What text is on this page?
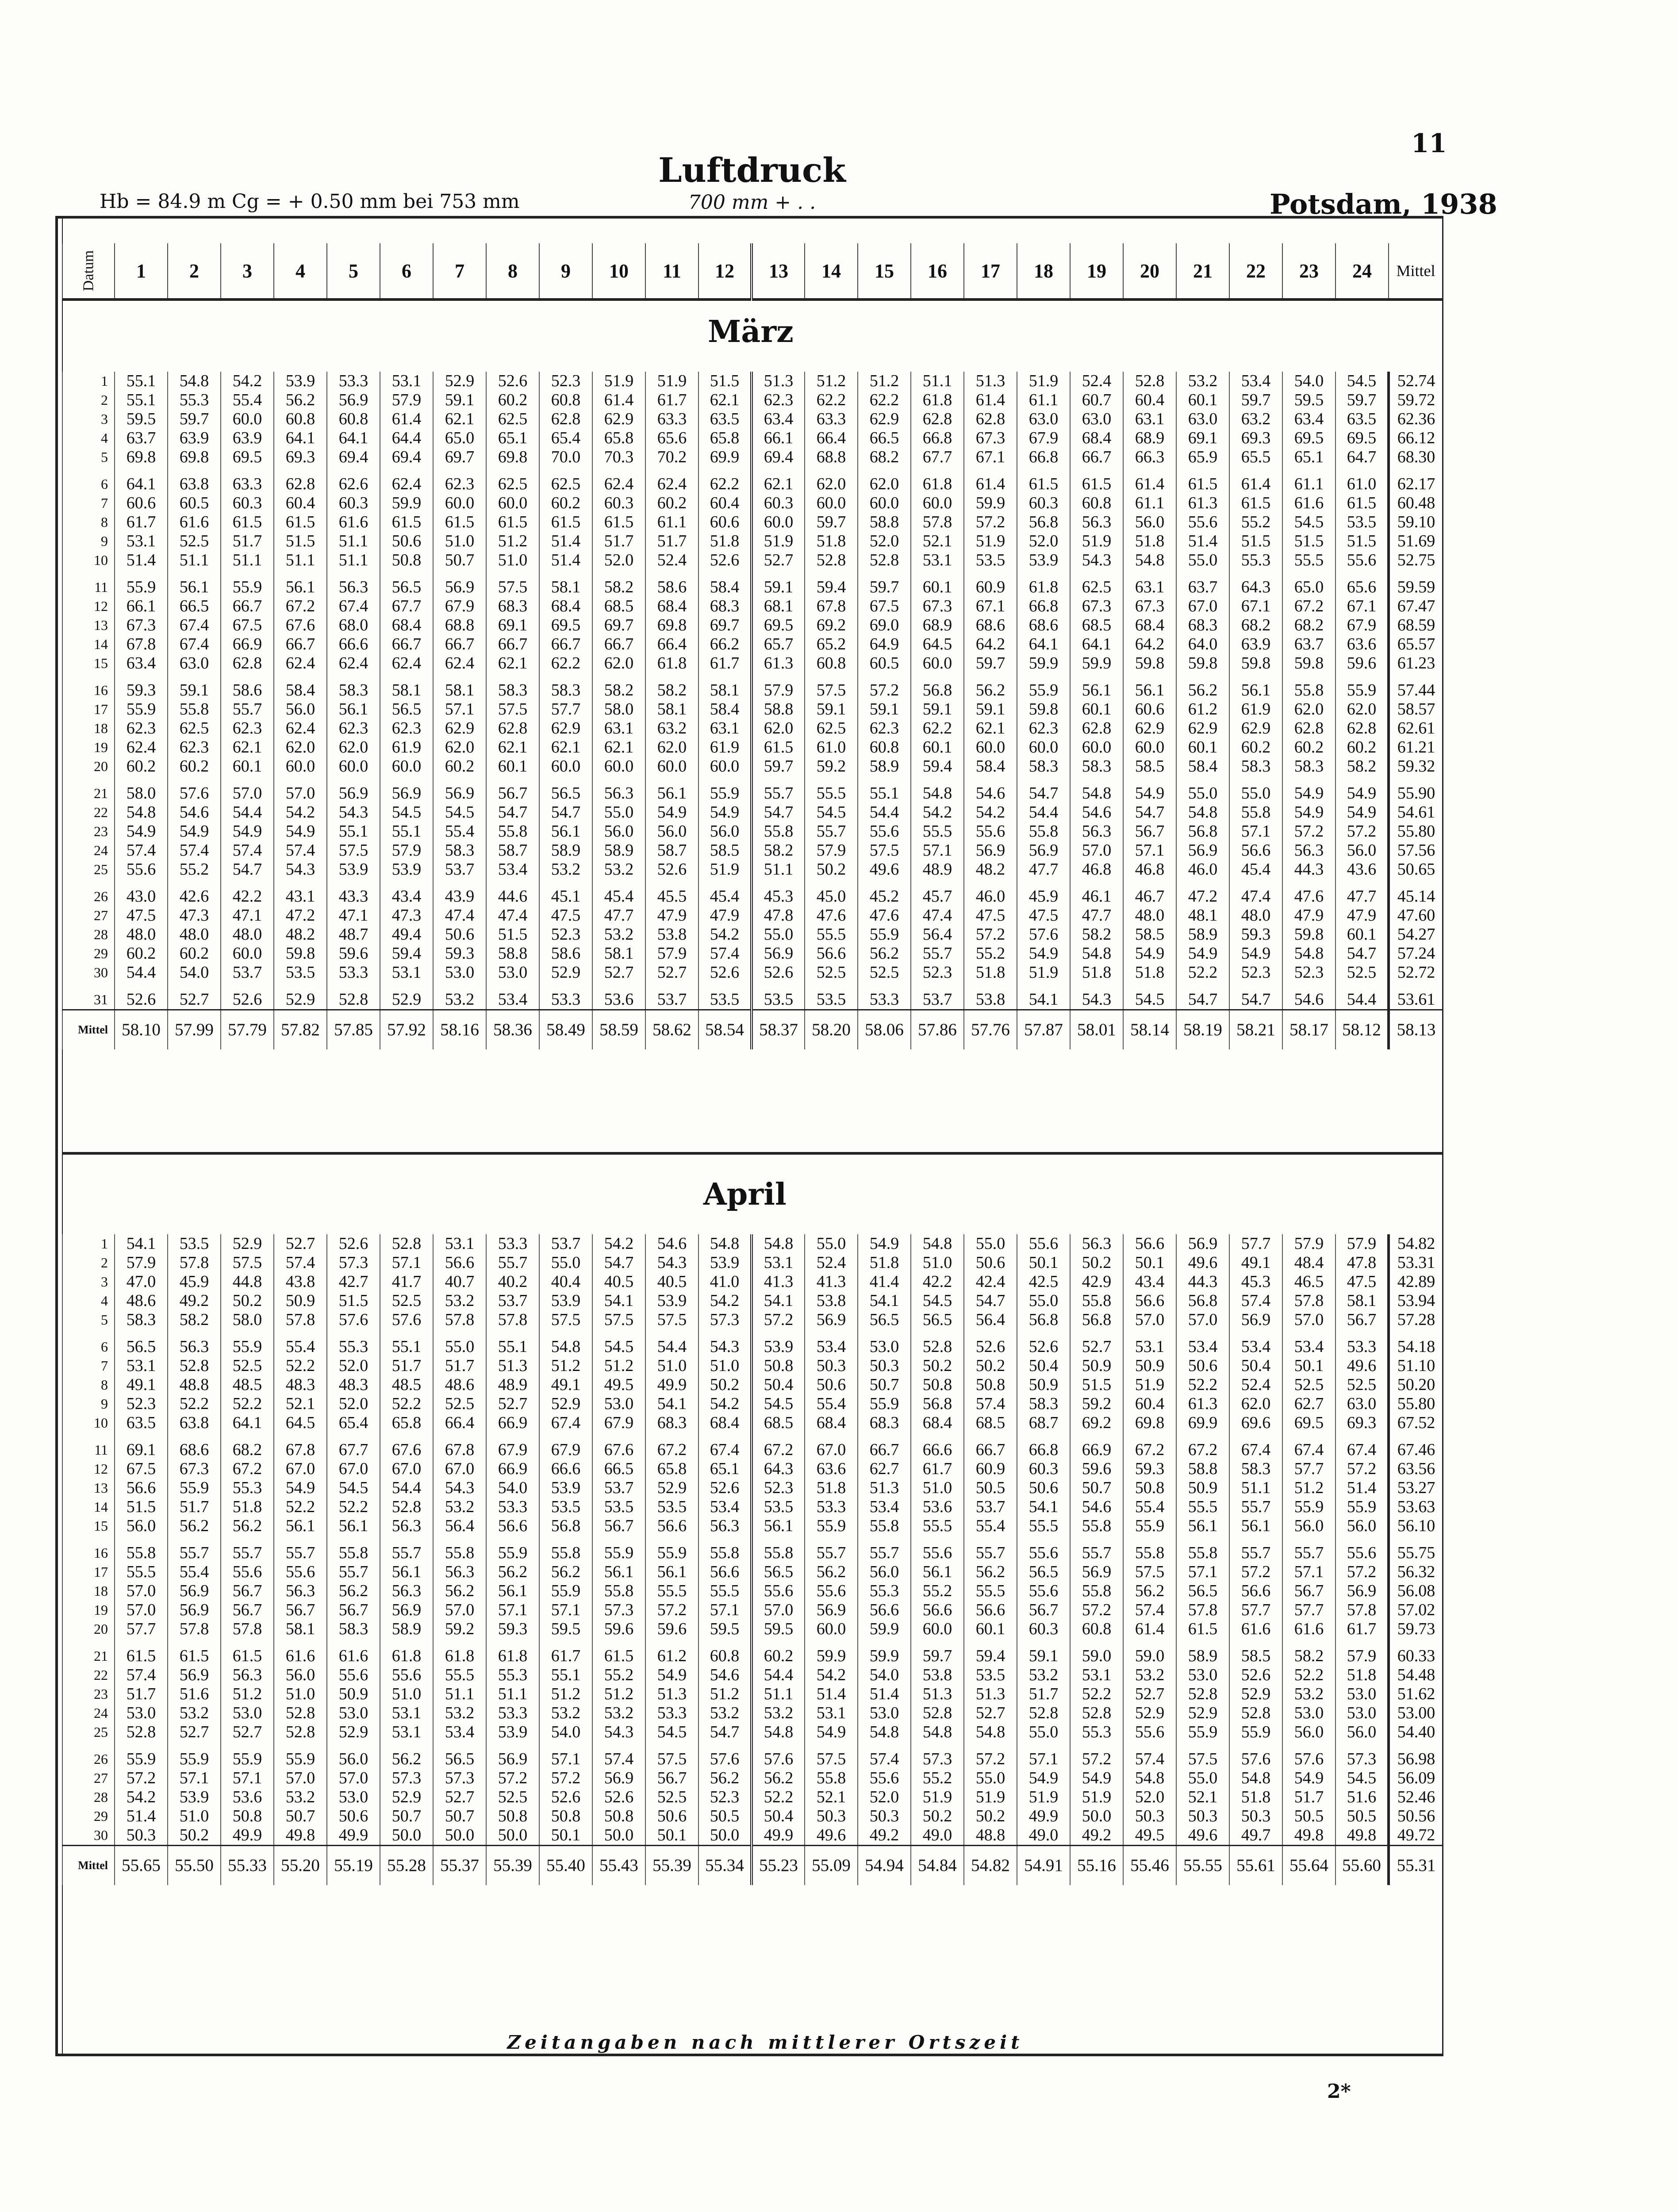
11
Luftdruck
700 mm + . .
Hb = 84.9 m Cg = + 0.50 mm bei 753 mm	Potsdam, 1938
Datum	1	2	3	4	5	6	7	8	9	10	11	12	13	14	15	16	17	18	19	20	21	22	23	24	Mittel
März
1	55.1	54.8	54.2	53.9	53.3	53.1	52.9	52.6	52.3	51.9	51.9	51.5	51.3	51.2	51.2	51.1	51.3	51.9	52.4	52.8	53.2	53.4	54.0	54.5	52.74
2	55.1	55.3	55.4	56.2	56.9	57.9	59.1	60.2	60.8	61.4	61.7	62.1	62.3	62.2	62.2	61.8	61.4	61.1	60.7	60.4	60.1	59.7	59.5	59.7	59.72
3	59.5	59.7	60.0	60.8	60.8	61.4	62.1	62.5	62.8	62.9	63.3	63.5	63.4	63.3	62.9	62.8	62.8	63.0	63.0	63.1	63.0	63.2	63.4	63.5	62.36
4	63.7	63.9	63.9	64.1	64.1	64.4	65.0	65.1	65.4	65.8	65.6	65.8	66.1	66.4	66.5	66.8	67.3	67.9	68.4	68.9	69.1	69.3	69.5	69.5	66.12
5	69.8	69.8	69.5	69.3	69.4	69.4	69.7	69.8	70.0	70.3	70.2	69.9	69.4	68.8	68.2	67.7	67.1	66.8	66.7	66.3	65.9	65.5	65.1	64.7	68.30

6	64.1	63.8	63.3	62.8	62.6	62.4	62.3	62.5	62.5	62.4	62.4	62.2	62.1	62.0	62.0	61.8	61.4	61.5	61.5	61.4	61.5	61.4	61.1	61.0	62.17
7	60.6	60.5	60.3	60.4	60.3	59.9	60.0	60.0	60.2	60.3	60.2	60.4	60.3	60.0	60.0	60.0	59.9	60.3	60.8	61.1	61.3	61.5	61.6	61.5	60.48
8	61.7	61.6	61.5	61.5	61.6	61.5	61.5	61.5	61.5	61.5	61.1	60.6	60.0	59.7	58.8	57.8	57.2	56.8	56.3	56.0	55.6	55.2	54.5	53.5	59.10
9	53.1	52.5	51.7	51.5	51.1	50.6	51.0	51.2	51.4	51.7	51.7	51.8	51.9	51.8	52.0	52.1	51.9	52.0	51.9	51.8	51.4	51.5	51.5	51.5	51.69
10	51.4	51.1	51.1	51.1	51.1	50.8	50.7	51.0	51.4	52.0	52.4	52.6	52.7	52.8	52.8	53.1	53.5	53.9	54.3	54.8	55.0	55.3	55.5	55.6	52.75

11	55.9	56.1	55.9	56.1	56.3	56.5	56.9	57.5	58.1	58.2	58.6	58.4	59.1	59.4	59.7	60.1	60.9	61.8	62.5	63.1	63.7	64.3	65.0	65.6	59.59
12	66.1	66.5	66.7	67.2	67.4	67.7	67.9	68.3	68.4	68.5	68.4	68.3	68.1	67.8	67.5	67.3	67.1	66.8	67.3	67.3	67.0	67.1	67.2	67.1	67.47
13	67.3	67.4	67.5	67.6	68.0	68.4	68.8	69.1	69.5	69.7	69.8	69.7	69.5	69.2	69.0	68.9	68.6	68.6	68.5	68.4	68.3	68.2	68.2	67.9	68.59
14	67.8	67.4	66.9	66.7	66.6	66.7	66.7	66.7	66.7	66.7	66.4	66.2	65.7	65.2	64.9	64.5	64.2	64.1	64.1	64.2	64.0	63.9	63.7	63.6	65.57
15	63.4	63.0	62.8	62.4	62.4	62.4	62.4	62.1	62.2	62.0	61.8	61.7	61.3	60.8	60.5	60.0	59.7	59.9	59.9	59.8	59.8	59.8	59.8	59.6	61.23

16	59.3	59.1	58.6	58.4	58.3	58.1	58.1	58.3	58.3	58.2	58.2	58.1	57.9	57.5	57.2	56.8	56.2	55.9	56.1	56.1	56.2	56.1	55.8	55.9	57.44
17	55.9	55.8	55.7	56.0	56.1	56.5	57.1	57.5	57.7	58.0	58.1	58.4	58.8	59.1	59.1	59.1	59.1	59.8	60.1	60.6	61.2	61.9	62.0	62.0	58.57
18	62.3	62.5	62.3	62.4	62.3	62.3	62.9	62.8	62.9	63.1	63.2	63.1	62.0	62.5	62.3	62.2	62.1	62.3	62.8	62.9	62.9	62.9	62.8	62.8	62.61
19	62.4	62.3	62.1	62.0	62.0	61.9	62.0	62.1	62.1	62.1	62.0	61.9	61.5	61.0	60.8	60.1	60.0	60.0	60.0	60.0	60.1	60.2	60.2	60.2	61.21
20	60.2	60.2	60.1	60.0	60.0	60.0	60.2	60.1	60.0	60.0	60.0	60.0	59.7	59.2	58.9	59.4	58.4	58.3	58.3	58.5	58.4	58.3	58.3	58.2	59.32

21	58.0	57.6	57.0	57.0	56.9	56.9	56.9	56.7	56.5	56.3	56.1	55.9	55.7	55.5	55.1	54.8	54.6	54.7	54.8	54.9	55.0	55.0	54.9	54.9	55.90
22	54.8	54.6	54.4	54.2	54.3	54.5	54.5	54.7	54.7	55.0	54.9	54.9	54.7	54.5	54.4	54.2	54.2	54.4	54.6	54.7	54.8	55.8	54.9	54.9	54.61
23	54.9	54.9	54.9	54.9	55.1	55.1	55.4	55.8	56.1	56.0	56.0	56.0	55.8	55.7	55.6	55.5	55.6	55.8	56.3	56.7	56.8	57.1	57.2	57.2	55.80
24	57.4	57.4	57.4	57.4	57.5	57.9	58.3	58.7	58.9	58.9	58.7	58.5	58.2	57.9	57.5	57.1	56.9	56.9	57.0	57.1	56.9	56.6	56.3	56.0	57.56
25	55.6	55.2	54.7	54.3	53.9	53.9	53.7	53.4	53.2	53.2	52.6	51.9	51.1	50.2	49.6	48.9	48.2	47.7	46.8	46.8	46.0	45.4	44.3	43.6	50.65

26	43.0	42.6	42.2	43.1	43.3	43.4	43.9	44.6	45.1	45.4	45.5	45.4	45.3	45.0	45.2	45.7	46.0	45.9	46.1	46.7	47.2	47.4	47.6	47.7	45.14
27	47.5	47.3	47.1	47.2	47.1	47.3	47.4	47.4	47.5	47.7	47.9	47.9	47.8	47.6	47.6	47.4	47.5	47.5	47.7	48.0	48.1	48.0	47.9	47.9	47.60
28	48.0	48.0	48.0	48.2	48.7	49.4	50.6	51.5	52.3	53.2	53.8	54.2	55.0	55.5	55.9	56.4	57.2	57.6	58.2	58.5	58.9	59.3	59.8	60.1	54.27
29	60.2	60.2	60.0	59.8	59.6	59.4	59.3	58.8	58.6	58.1	57.9	57.4	56.9	56.6	56.2	55.7	55.2	54.9	54.8	54.9	54.9	54.9	54.8	54.7	57.24
30	54.4	54.0	53.7	53.5	53.3	53.1	53.0	53.0	52.9	52.7	52.7	52.6	52.6	52.5	52.5	52.3	51.8	51.9	51.8	51.8	52.2	52.3	52.3	52.5	52.72

31	52.6	52.7	52.6	52.9	52.8	52.9	53.2	53.4	53.3	53.6	53.7	53.5	53.5	53.5	53.3	53.7	53.8	54.1	54.3	54.5	54.7	54.7	54.6	54.4	53.61
Mittel	58.10	57.99	57.79	57.82	57.85	57.92	58.16	58.36	58.49	58.59	58.62	58.54	58.37	58.20	58.06	57.86	57.76	57.87	58.01	58.14	58.19	58.21	58.17	58.12	58.13
April
1	54.1	53.5	52.9	52.7	52.6	52.8	53.1	53.3	53.7	54.2	54.6	54.8	54.8	55.0	54.9	54.8	55.0	55.6	56.3	56.6	56.9	57.7	57.9	57.9	54.82
2	57.9	57.8	57.5	57.4	57.3	57.1	56.6	55.7	55.0	54.7	54.3	53.9	53.1	52.4	51.8	51.0	50.6	50.1	50.2	50.1	49.6	49.1	48.4	47.8	53.31
3	47.0	45.9	44.8	43.8	42.7	41.7	40.7	40.2	40.4	40.5	40.5	41.0	41.3	41.3	41.4	42.2	42.4	42.5	42.9	43.4	44.3	45.3	46.5	47.5	42.89
4	48.6	49.2	50.2	50.9	51.5	52.5	53.2	53.7	53.9	54.1	53.9	54.2	54.1	53.8	54.1	54.5	54.7	55.0	55.8	56.6	56.8	57.4	57.8	58.1	53.94
5	58.3	58.2	58.0	57.8	57.6	57.6	57.8	57.8	57.5	57.5	57.5	57.3	57.2	56.9	56.5	56.5	56.4	56.8	56.8	57.0	57.0	56.9	57.0	56.7	57.28

6	56.5	56.3	55.9	55.4	55.3	55.1	55.0	55.1	54.8	54.5	54.4	54.3	53.9	53.4	53.0	52.8	52.6	52.6	52.7	53.1	53.4	53.4	53.4	53.3	54.18
7	53.1	52.8	52.5	52.2	52.0	51.7	51.7	51.3	51.2	51.2	51.0	51.0	50.8	50.3	50.3	50.2	50.2	50.4	50.9	50.9	50.6	50.4	50.1	49.6	51.10
8	49.1	48.8	48.5	48.3	48.3	48.5	48.6	48.9	49.1	49.5	49.9	50.2	50.4	50.6	50.7	50.8	50.8	50.9	51.5	51.9	52.2	52.4	52.5	52.5	50.20
9	52.3	52.2	52.2	52.1	52.0	52.2	52.5	52.7	52.9	53.0	54.1	54.2	54.5	55.4	55.9	56.8	57.4	58.3	59.2	60.4	61.3	62.0	62.7	63.0	55.80
10	63.5	63.8	64.1	64.5	65.4	65.8	66.4	66.9	67.4	67.9	68.3	68.4	68.5	68.4	68.3	68.4	68.5	68.7	69.2	69.8	69.9	69.6	69.5	69.3	67.52

11	69.1	68.6	68.2	67.8	67.7	67.6	67.8	67.9	67.9	67.6	67.2	67.4	67.2	67.0	66.7	66.6	66.7	66.8	66.9	67.2	67.2	67.4	67.4	67.4	67.46
12	67.5	67.3	67.2	67.0	67.0	67.0	67.0	66.9	66.6	66.5	65.8	65.1	64.3	63.6	62.7	61.7	60.9	60.3	59.6	59.3	58.8	58.3	57.7	57.2	63.56
13	56.6	55.9	55.3	54.9	54.5	54.4	54.3	54.0	53.9	53.7	52.9	52.6	52.3	51.8	51.3	51.0	50.5	50.6	50.7	50.8	50.9	51.1	51.2	51.4	53.27
14	51.5	51.7	51.8	52.2	52.2	52.8	53.2	53.3	53.5	53.5	53.5	53.4	53.5	53.3	53.4	53.6	53.7	54.1	54.6	55.4	55.5	55.7	55.9	55.9	53.63
15	56.0	56.2	56.2	56.1	56.1	56.3	56.4	56.6	56.8	56.7	56.6	56.3	56.1	55.9	55.8	55.5	55.4	55.5	55.8	55.9	56.1	56.1	56.0	56.0	56.10

16	55.8	55.7	55.7	55.7	55.8	55.7	55.8	55.9	55.8	55.9	55.9	55.8	55.8	55.7	55.7	55.6	55.7	55.6	55.7	55.8	55.8	55.7	55.7	55.6	55.75
17	55.5	55.4	55.6	55.6	55.7	56.1	56.3	56.2	56.2	56.1	56.1	56.6	56.5	56.2	56.0	56.1	56.2	56.5	56.9	57.5	57.1	57.2	57.1	57.2	56.32
18	57.0	56.9	56.7	56.3	56.2	56.3	56.2	56.1	55.9	55.8	55.5	55.5	55.6	55.6	55.3	55.2	55.5	55.6	55.8	56.2	56.5	56.6	56.7	56.9	56.08
19	57.0	56.9	56.7	56.7	56.7	56.9	57.0	57.1	57.1	57.3	57.2	57.1	57.0	56.9	56.6	56.6	56.6	56.7	57.2	57.4	57.8	57.7	57.7	57.8	57.02
20	57.7	57.8	57.8	58.1	58.3	58.9	59.2	59.3	59.5	59.6	59.6	59.5	59.5	60.0	59.9	60.0	60.1	60.3	60.8	61.4	61.5	61.6	61.6	61.7	59.73

21	61.5	61.5	61.5	61.6	61.6	61.8	61.8	61.8	61.7	61.5	61.2	60.8	60.2	59.9	59.9	59.7	59.4	59.1	59.0	59.0	58.9	58.5	58.2	57.9	60.33
22	57.4	56.9	56.3	56.0	55.6	55.6	55.5	55.3	55.1	55.2	54.9	54.6	54.4	54.2	54.0	53.8	53.5	53.2	53.1	53.2	53.0	52.6	52.2	51.8	54.48
23	51.7	51.6	51.2	51.0	50.9	51.0	51.1	51.1	51.2	51.2	51.3	51.2	51.1	51.4	51.4	51.3	51.3	51.7	52.2	52.7	52.8	52.9	53.2	53.0	51.62
24	53.0	53.2	53.0	52.8	53.0	53.1	53.2	53.3	53.2	53.2	53.3	53.2	53.2	53.1	53.0	52.8	52.7	52.8	52.8	52.9	52.9	52.8	53.0	53.0	53.00
25	52.8	52.7	52.7	52.8	52.9	53.1	53.4	53.9	54.0	54.3	54.5	54.7	54.8	54.9	54.8	54.8	54.8	55.0	55.3	55.6	55.9	55.9	56.0	56.0	54.40

26	55.9	55.9	55.9	55.9	56.0	56.2	56.5	56.9	57.1	57.4	57.5	57.6	57.6	57.5	57.4	57.3	57.2	57.1	57.2	57.4	57.5	57.6	57.6	57.3	56.98
27	57.2	57.1	57.1	57.0	57.0	57.3	57.3	57.2	57.2	56.9	56.7	56.2	56.2	55.8	55.6	55.2	55.0	54.9	54.9	54.8	55.0	54.8	54.9	54.5	56.09
28	54.2	53.9	53.6	53.2	53.0	52.9	52.7	52.5	52.6	52.6	52.5	52.3	52.2	52.1	52.0	51.9	51.9	51.9	51.9	52.0	52.1	51.8	51.7	51.6	52.46
29	51.4	51.0	50.8	50.7	50.6	50.7	50.7	50.8	50.8	50.8	50.6	50.5	50.4	50.3	50.3	50.2	50.2	49.9	50.0	50.3	50.3	50.3	50.5	50.5	50.56
30	50.3	50.2	49.9	49.8	49.9	50.0	50.0	50.0	50.1	50.0	50.1	50.0	49.9	49.6	49.2	49.0	48.8	49.0	49.2	49.5	49.6	49.7	49.8	49.8	49.72
Mittel	55.65	55.50	55.33	55.20	55.19	55.28	55.37	55.39	55.40	55.43	55.39	55.34	55.23	55.09	54.94	54.84	54.82	54.91	55.16	55.46	55.55	55.61	55.64	55.60	55.31
Zeitangaben nach mittlerer Ortszeit
2*
